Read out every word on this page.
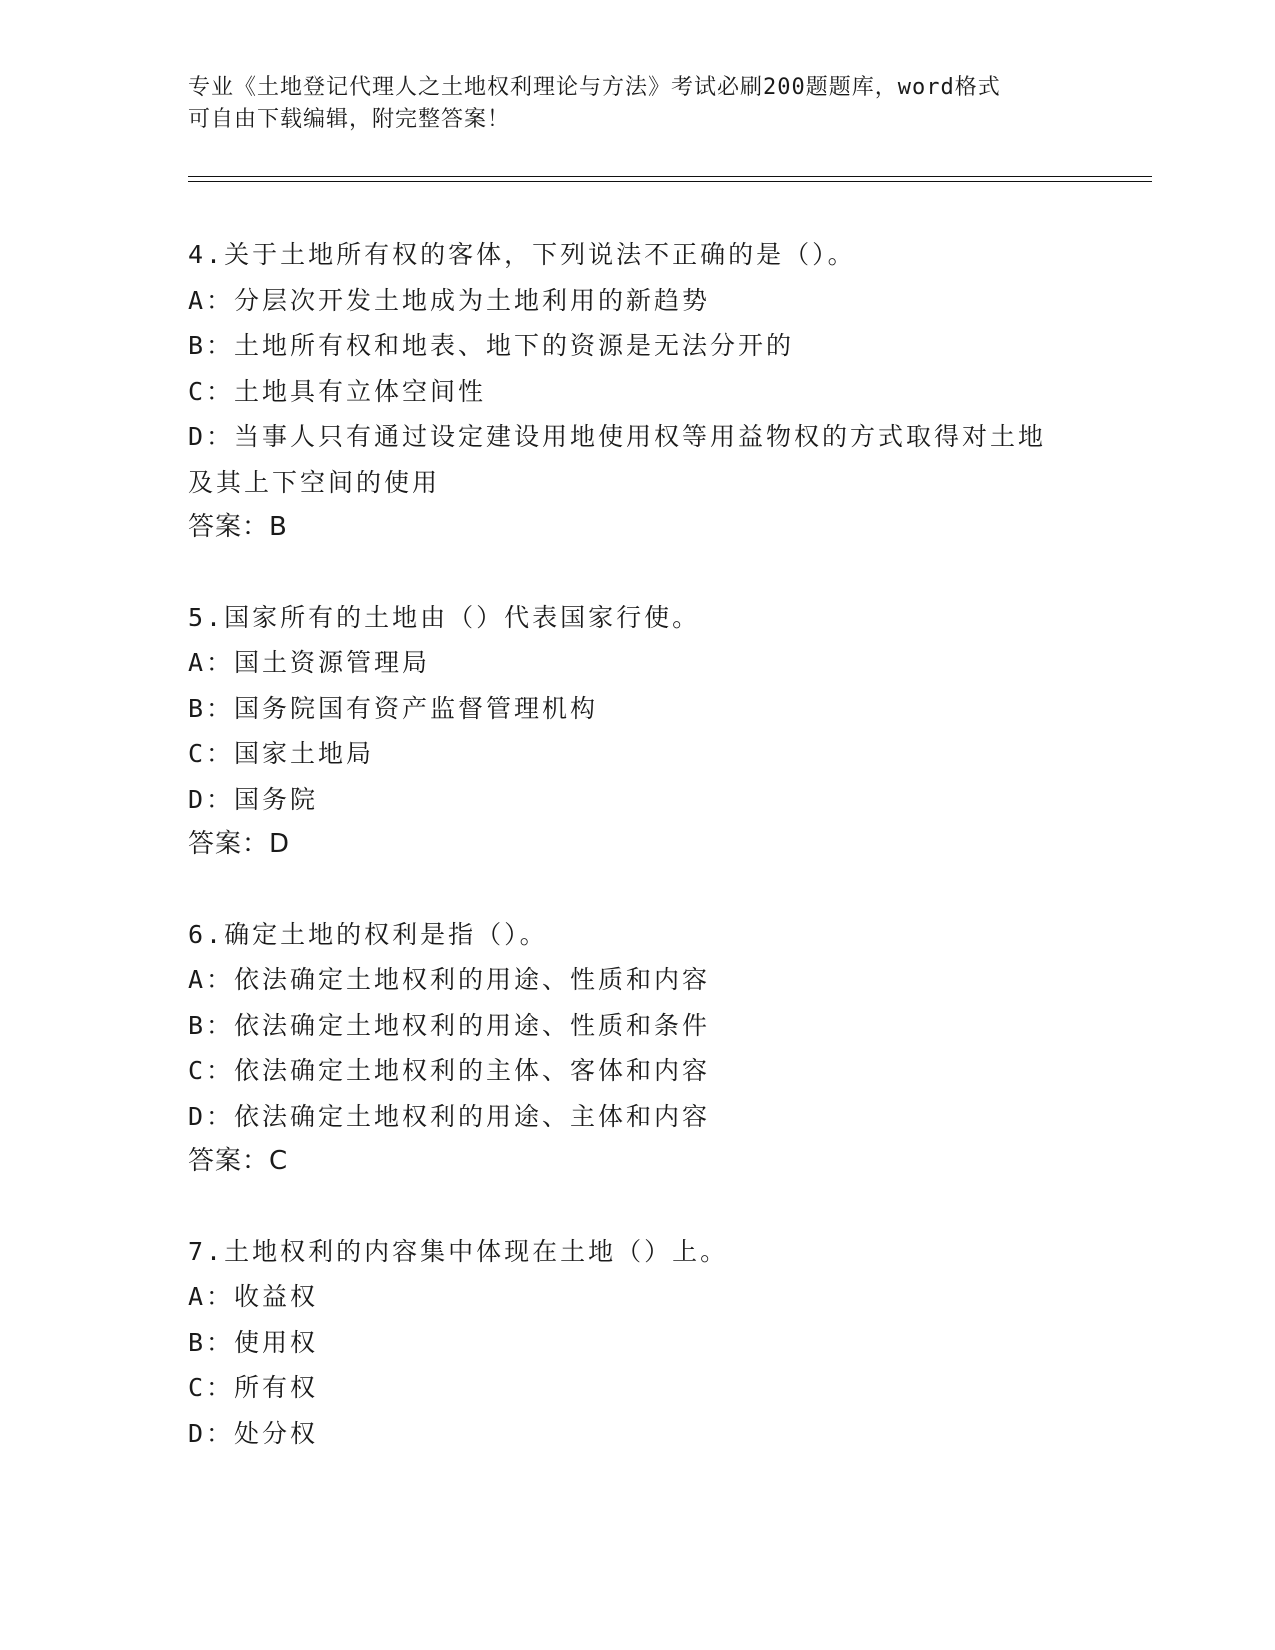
专业《土地登记代理人之土地权利理论与方法》考试必刷200题题库，word格式
可自由下载编辑，附完整答案！
4.关于土地所有权的客体，下列说法不正确的是（）。
A：分层次开发土地成为土地利用的新趋势
B：土地所有权和地表、地下的资源是无法分开的
C：土地具有立体空间性
D：当事人只有通过设定建设用地使用权等用益物权的方式取得对土地及其上下空间的使用
答案：B
5.国家所有的土地由（）代表国家行使。
A：国土资源管理局
B：国务院国有资产监督管理机构
C：国家土地局
D：国务院
答案：D
6.确定土地的权利是指（）。
A：依法确定土地权利的用途、性质和内容
B：依法确定土地权利的用途、性质和条件
C：依法确定土地权利的主体、客体和内容
D：依法确定土地权利的用途、主体和内容
答案：C
7.土地权利的内容集中体现在土地（）上。
A：收益权
B：使用权
C：所有权
D：处分权
